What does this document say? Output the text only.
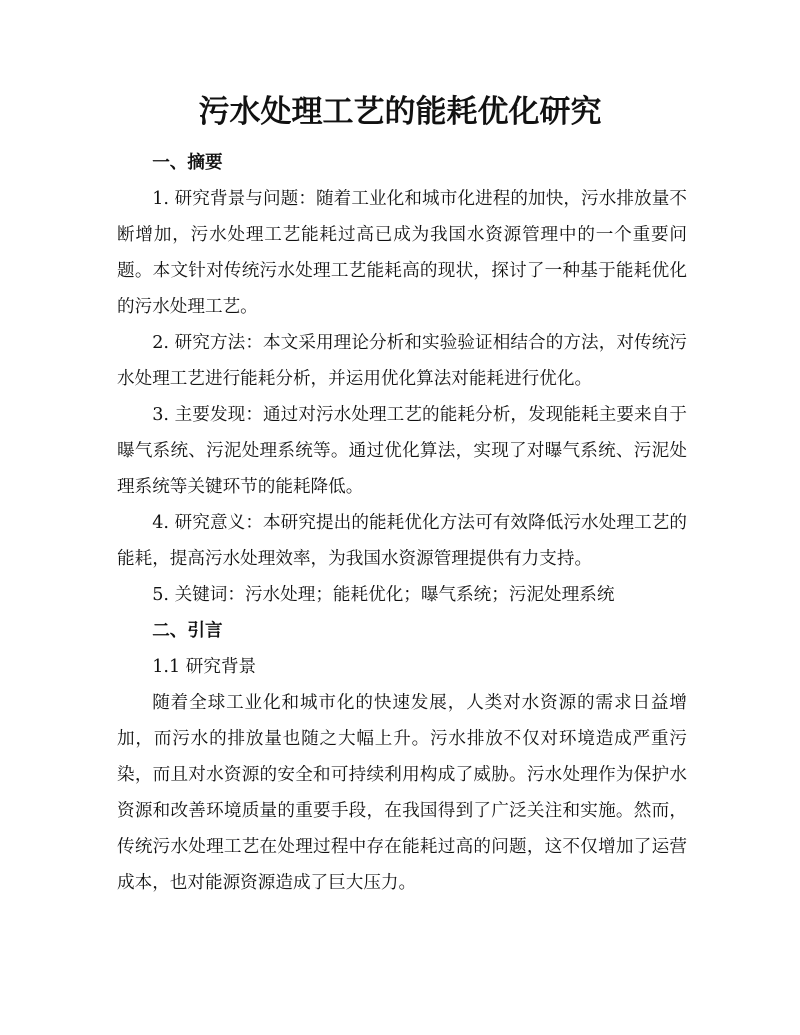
污水处理工艺的能耗优化研究
一、摘要

1. 研究背景与问题：随着工业化和城市化进程的加快，污水排放量不断增加，污水处理工艺能耗过高已成为我国水资源管理中的一个重要问题。本文针对传统污水处理工艺能耗高的现状，探讨了一种基于能耗优化的污水处理工艺。

2. 研究方法：本文采用理论分析和实验验证相结合的方法，对传统污水处理工艺进行能耗分析，并运用优化算法对能耗进行优化。

3. 主要发现：通过对污水处理工艺的能耗分析，发现能耗主要来自于曝气系统、污泥处理系统等。通过优化算法，实现了对曝气系统、污泥处理系统等关键环节的能耗降低。

4. 研究意义：本研究提出的能耗优化方法可有效降低污水处理工艺的能耗，提高污水处理效率，为我国水资源管理提供有力支持。

5. 关键词：污水处理；能耗优化；曝气系统；污泥处理系统

二、引言
1.1 研究背景

随着全球工业化和城市化的快速发展，人类对水资源的需求日益增加，而污水的排放量也随之大幅上升。污水排放不仅对环境造成严重污染，而且对水资源的安全和可持续利用构成了威胁。污水处理作为保护水资源和改善环境质量的重要手段，在我国得到了广泛关注和实施。然而，传统污水处理工艺在处理过程中存在能耗过高的问题，这不仅增加了运营成本，也对能源资源造成了巨大压力。
